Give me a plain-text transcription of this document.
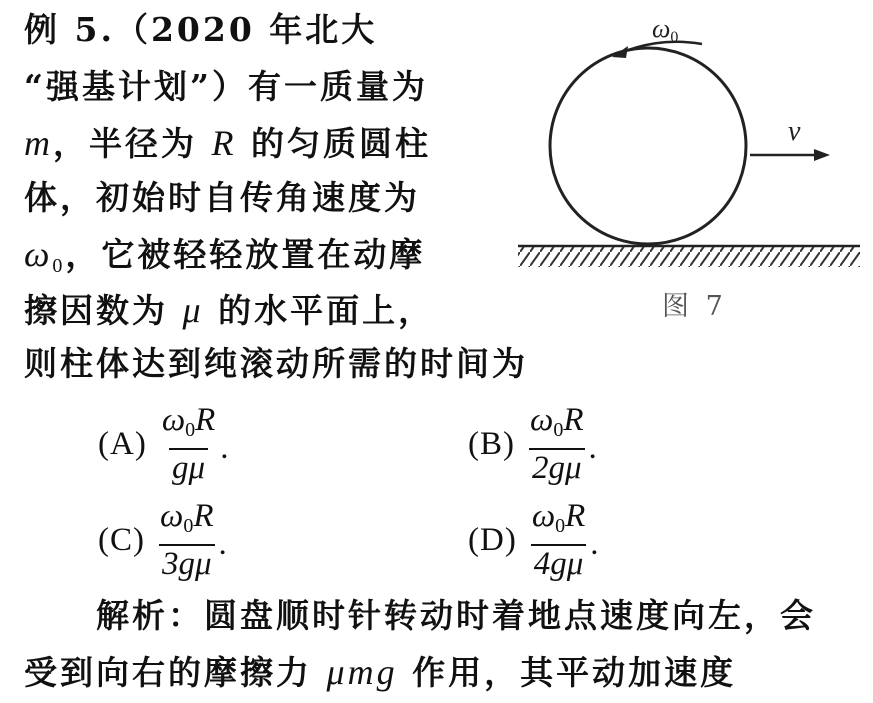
例 5.（2020 年北大
“强基计划”）有一质量为
m，半径为 R 的匀质圆柱
体，初始时自传角速度为
$\omega_0$，它被轻轻放置在动摩
擦因数为 μ 的水平面上，
则柱体达到纯滚动所需的时间为
$(A) \frac{\omega_0R}{g\mu}$ .	$(B) \frac{\omega_0R}{2g\mu}$ .
$(C) \frac{\omega_0R}{3g\mu}$ .	$(D) \frac{\omega_0R}{4g\mu}$ .
解析：圆盘顺时针转动时着地点速度向左，会
受到向右的摩擦力 μmg 作用，其平动加速度
ω0
v
图 7
